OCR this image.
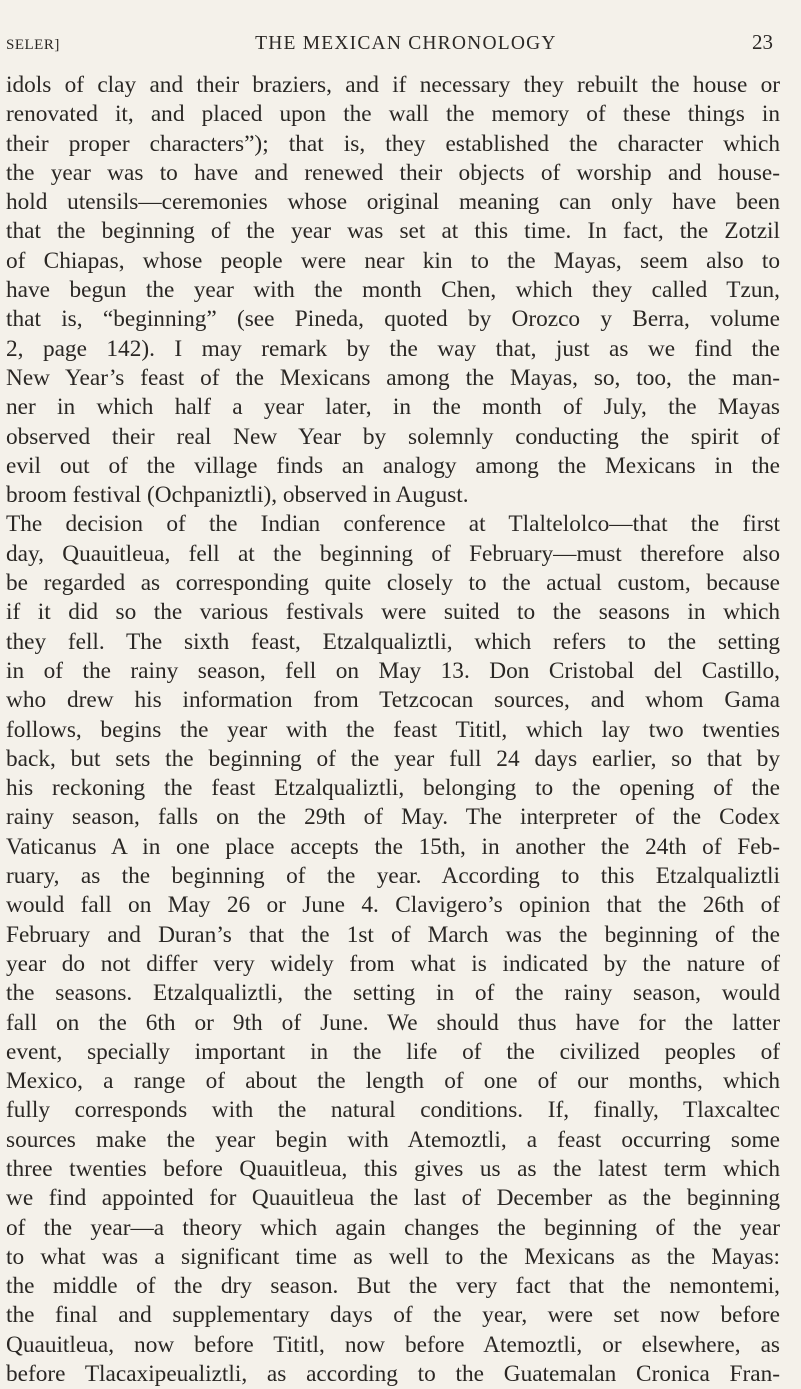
SELER]	THE MEXICAN CHRONOLOGY	23
idols of clay and their braziers, and if necessary they rebuilt the house or
renovated it, and placed upon the wall the memory of these things in
their proper characters”); that is, they established the character which
the year was to have and renewed their objects of worship and house-
hold utensils—ceremonies whose original meaning can only have been
that the beginning of the year was set at this time. In fact, the Zotzil
of Chiapas, whose people were near kin to the Mayas, seem also to
have begun the year with the month Chen, which they called Tzun,
that is, “beginning” (see Pineda, quoted by Orozco y Berra, volume
2, page 142). I may remark by the way that, just as we find the
New Year’s feast of the Mexicans among the Mayas, so, too, the man-
ner in which half a year later, in the month of July, the Mayas
observed their real New Year by solemnly conducting the spirit of
evil out of the village finds an analogy among the Mexicans in the
broom festival (Ochpaniztli), observed in August.
The decision of the Indian conference at Tlaltelolco—that the first
day, Quauitleua, fell at the beginning of February—must therefore also
be regarded as corresponding quite closely to the actual custom, because
if it did so the various festivals were suited to the seasons in which
they fell. The sixth feast, Etzalqualiztli, which refers to the setting
in of the rainy season, fell on May 13. Don Cristobal del Castillo,
who drew his information from Tetzcocan sources, and whom Gama
follows, begins the year with the feast Tititl, which lay two twenties
back, but sets the beginning of the year full 24 days earlier, so that by
his reckoning the feast Etzalqualiztli, belonging to the opening of the
rainy season, falls on the 29th of May. The interpreter of the Codex
Vaticanus A in one place accepts the 15th, in another the 24th of Feb-
ruary, as the beginning of the year. According to this Etzalqualiztli
would fall on May 26 or June 4. Clavigero’s opinion that the 26th of
February and Duran’s that the 1st of March was the beginning of the
year do not differ very widely from what is indicated by the nature of
the seasons. Etzalqualiztli, the setting in of the rainy season, would
fall on the 6th or 9th of June. We should thus have for the latter
event, specially important in the life of the civilized peoples of
Mexico, a range of about the length of one of our months, which
fully corresponds with the natural conditions. If, finally, Tlaxcaltec
sources make the year begin with Atemoztli, a feast occurring some
three twenties before Quauitleua, this gives us as the latest term which
we find appointed for Quauitleua the last of December as the beginning
of the year—a theory which again changes the beginning of the year
to what was a significant time as well to the Mexicans as the Mayas:
the middle of the dry season. But the very fact that the nemontemi,
the final and supplementary days of the year, were set now before
Quauitleua, now before Tititl, now before Atemoztli, or elsewhere, as
before Tlacaxipeualiztli, as according to the Guatemalan Cronica Fran-
